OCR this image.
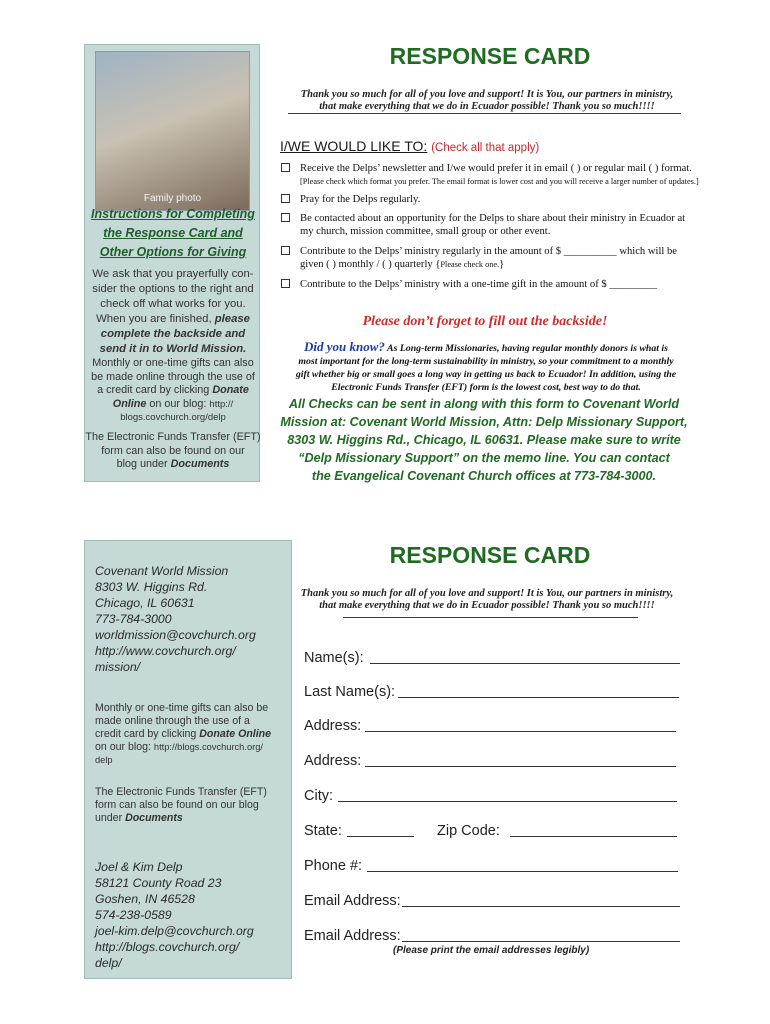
Family photo
Instructions for Completing
the Response Card and
Other Options for Giving
We ask that you prayerfully con-
sider the options to the right and
check off what works for you.
When you are finished, please
complete the backside and
send it in to World Mission.
Monthly or one-time gifts can also
be made online through the use of
a credit card by clicking Donate
Online on our blog: http://
blogs.covchurch.org/delp
The Electronic Funds Transfer (EFT)
form can also be found on our
blog under Documents
RESPONSE CARD
Thank you so much for all of you love and support! It is You, our partners in ministry,
that make everything that we do in Ecuador possible! Thank you so much!!!!
I/WE WOULD LIKE TO: (Check all that apply)
Receive the Delps’ newsletter and I/we would prefer it in email ( ) or regular mail ( ) format.
[Please check which format you prefer. The email format is lower cost and you will receive a larger number of updates.]
Pray for the Delps regularly.
Be contacted about an opportunity for the Delps to share about their ministry in Ecuador at
my church, mission committee, small group or other event.
Contribute to the Delps’ ministry regularly in the amount of $ __________ which will be
given ( ) monthly / ( ) quarterly {Please check one.}
Contribute to the Delps’ ministry with a one-time gift in the amount of $ _________
Please don’t forget to fill out the backside!
Did you know? As Long-term Missionaries, having regular monthly donors is what is
most important for the long-term sustainability in ministry, so your commitment to a monthly
gift whether big or small goes a long way in getting us back to Ecuador! In addition, using the
Electronic Funds Transfer (EFT) form is the lowest cost, best way to do that.
All Checks can be sent in along with this form to Covenant World
Mission at: Covenant World Mission, Attn: Delp Missionary Support,
8303 W. Higgins Rd., Chicago, IL 60631. Please make sure to write
“Delp Missionary Support” on the memo line. You can contact
the Evangelical Covenant Church offices at 773-784-3000.
Covenant World Mission
8303 W. Higgins Rd.
Chicago, IL 60631
773-784-3000
worldmission@covchurch.org
http://www.covchurch.org/
mission/
Monthly or one-time gifts can also be
made online through the use of a
credit card by clicking Donate Online
on our blog: http://blogs.covchurch.org/
delp
The Electronic Funds Transfer (EFT)
form can also be found on our blog
under Documents
Joel & Kim Delp
58121 County Road 23
Goshen, IN 46528
574-238-0589
joel-kim.delp@covchurch.org
http://blogs.covchurch.org/
delp/
RESPONSE CARD
Thank you so much for all of you love and support! It is You, our partners in ministry,
that make everything that we do in Ecuador possible! Thank you so much!!!!
Name(s):
Last Name(s):
Address:
Address:
City:
State:	Zip Code:
Phone #:
Email Address:
Email Address:
(Please print the email addresses legibly)
